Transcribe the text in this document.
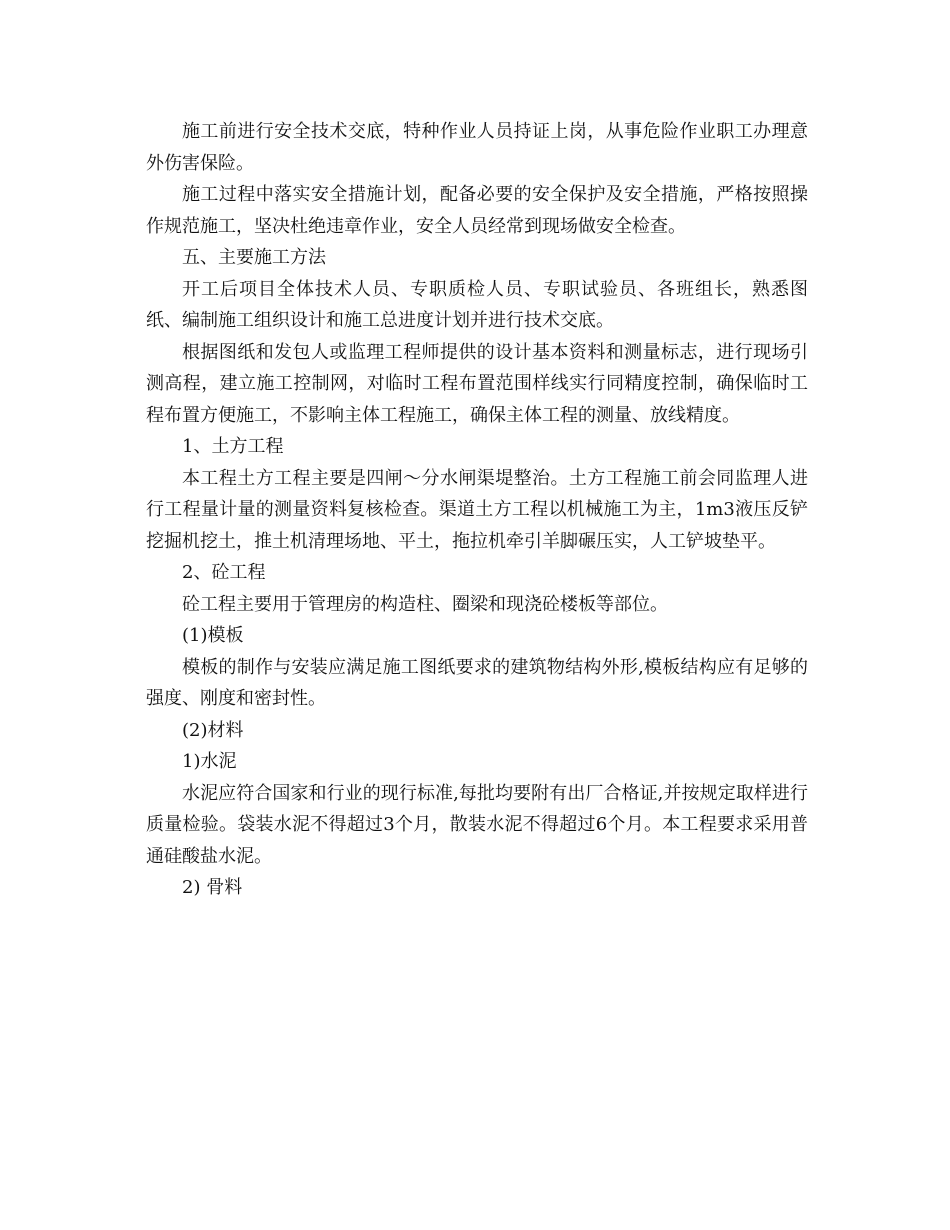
施工前进行安全技术交底，特种作业人员持证上岗，从事危险作业职工办理意外伤害保险。

施工过程中落实安全措施计划，配备必要的安全保护及安全措施，严格按照操作规范施工，坚决杜绝违章作业，安全人员经常到现场做安全检查。

五、主要施工方法

开工后项目全体技术人员、专职质检人员、专职试验员、各班组长，熟悉图纸、编制施工组织设计和施工总进度计划并进行技术交底。

根据图纸和发包人或监理工程师提供的设计基本资料和测量标志，进行现场引测高程，建立施工控制网，对临时工程布置范围样线实行同精度控制，确保临时工程布置方便施工，不影响主体工程施工，确保主体工程的测量、放线精度。

1、土方工程

本工程土方工程主要是四闸～分水闸渠堤整治。土方工程施工前会同监理人进行工程量计量的测量资料复核检查。渠道土方工程以机械施工为主，1m3液压反铲挖掘机挖土，推土机清理场地、平土，拖拉机牵引羊脚碾压实，人工铲坡垫平。

2、砼工程

砼工程主要用于管理房的构造柱、圈梁和现浇砼楼板等部位。

(1)模板

模板的制作与安装应满足施工图纸要求的建筑物结构外形,模板结构应有足够的强度、刚度和密封性。

(2)材料

1)水泥

水泥应符合国家和行业的现行标准,每批均要附有出厂合格证,并按规定取样进行质量检验。袋装水泥不得超过3个月，散装水泥不得超过6个月。本工程要求采用普通硅酸盐水泥。

2) 骨料
